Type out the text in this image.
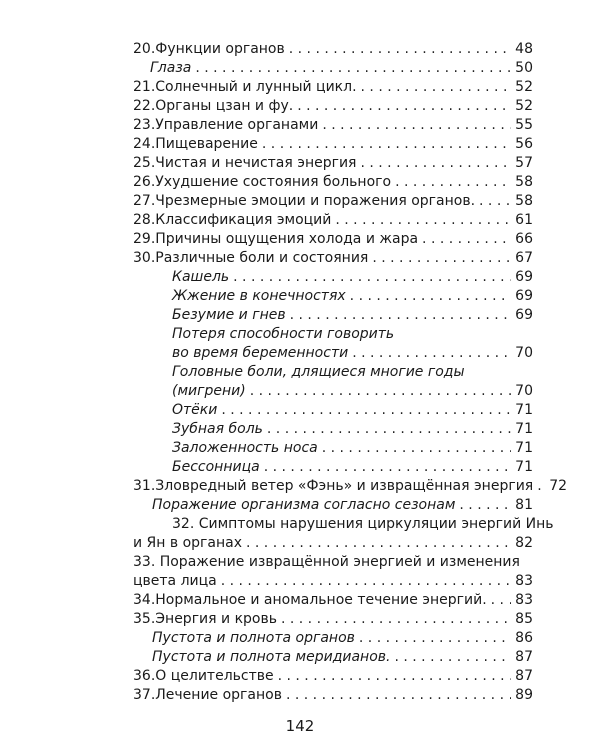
20. Функции органов . . .	48
Глаза . . .	50
21. Солнечный и лунный цикл. . . .	52
22. Органы цзан и фу. . . .	52
23. Управление органами . . .	55
24. Пищеварение . . .	56
25. Чистая и нечистая энергия . . .	57
26. Ухудшение состояния больного . . .	58
27. Чрезмерные эмоции и поражения органов. . . .	58
28. Классификация эмоций . . .	61
29. Причины ощущения холода и жара . . .	66
30. Различные боли и состояния . . .	67
Кашель . . .	69
Жжение в конечностях . . .	69
Безумие и гнев . . .	69
Потеря способности говорить
во время беременности . . .	70
Головные боли, длящиеся многие годы
(мигрени) . . .	70
Отёки . . .	71
Зубная боль . . .	71
Заложенность носа . . .	71
Бессонница . . .	71
31. Зловредный ветер «Фэнь» и извращённая энергия . . . 72
Поражение организма согласно сезонам . . .	81
32. Симптомы нарушения циркуляции энергий Инь
и Ян в органах . . .	82
33. Поражение извращённой энергией и изменения
цвета лица . . .	83
34. Нормальное и аномальное течение энергий. . . . 83
35. Энергия и кровь . . .	85
Пустота и полнота органов . . .	86
Пустота и полнота меридианов. . . .	87
36. О целительстве . . .	87
37. Лечение органов . . .	89
142
